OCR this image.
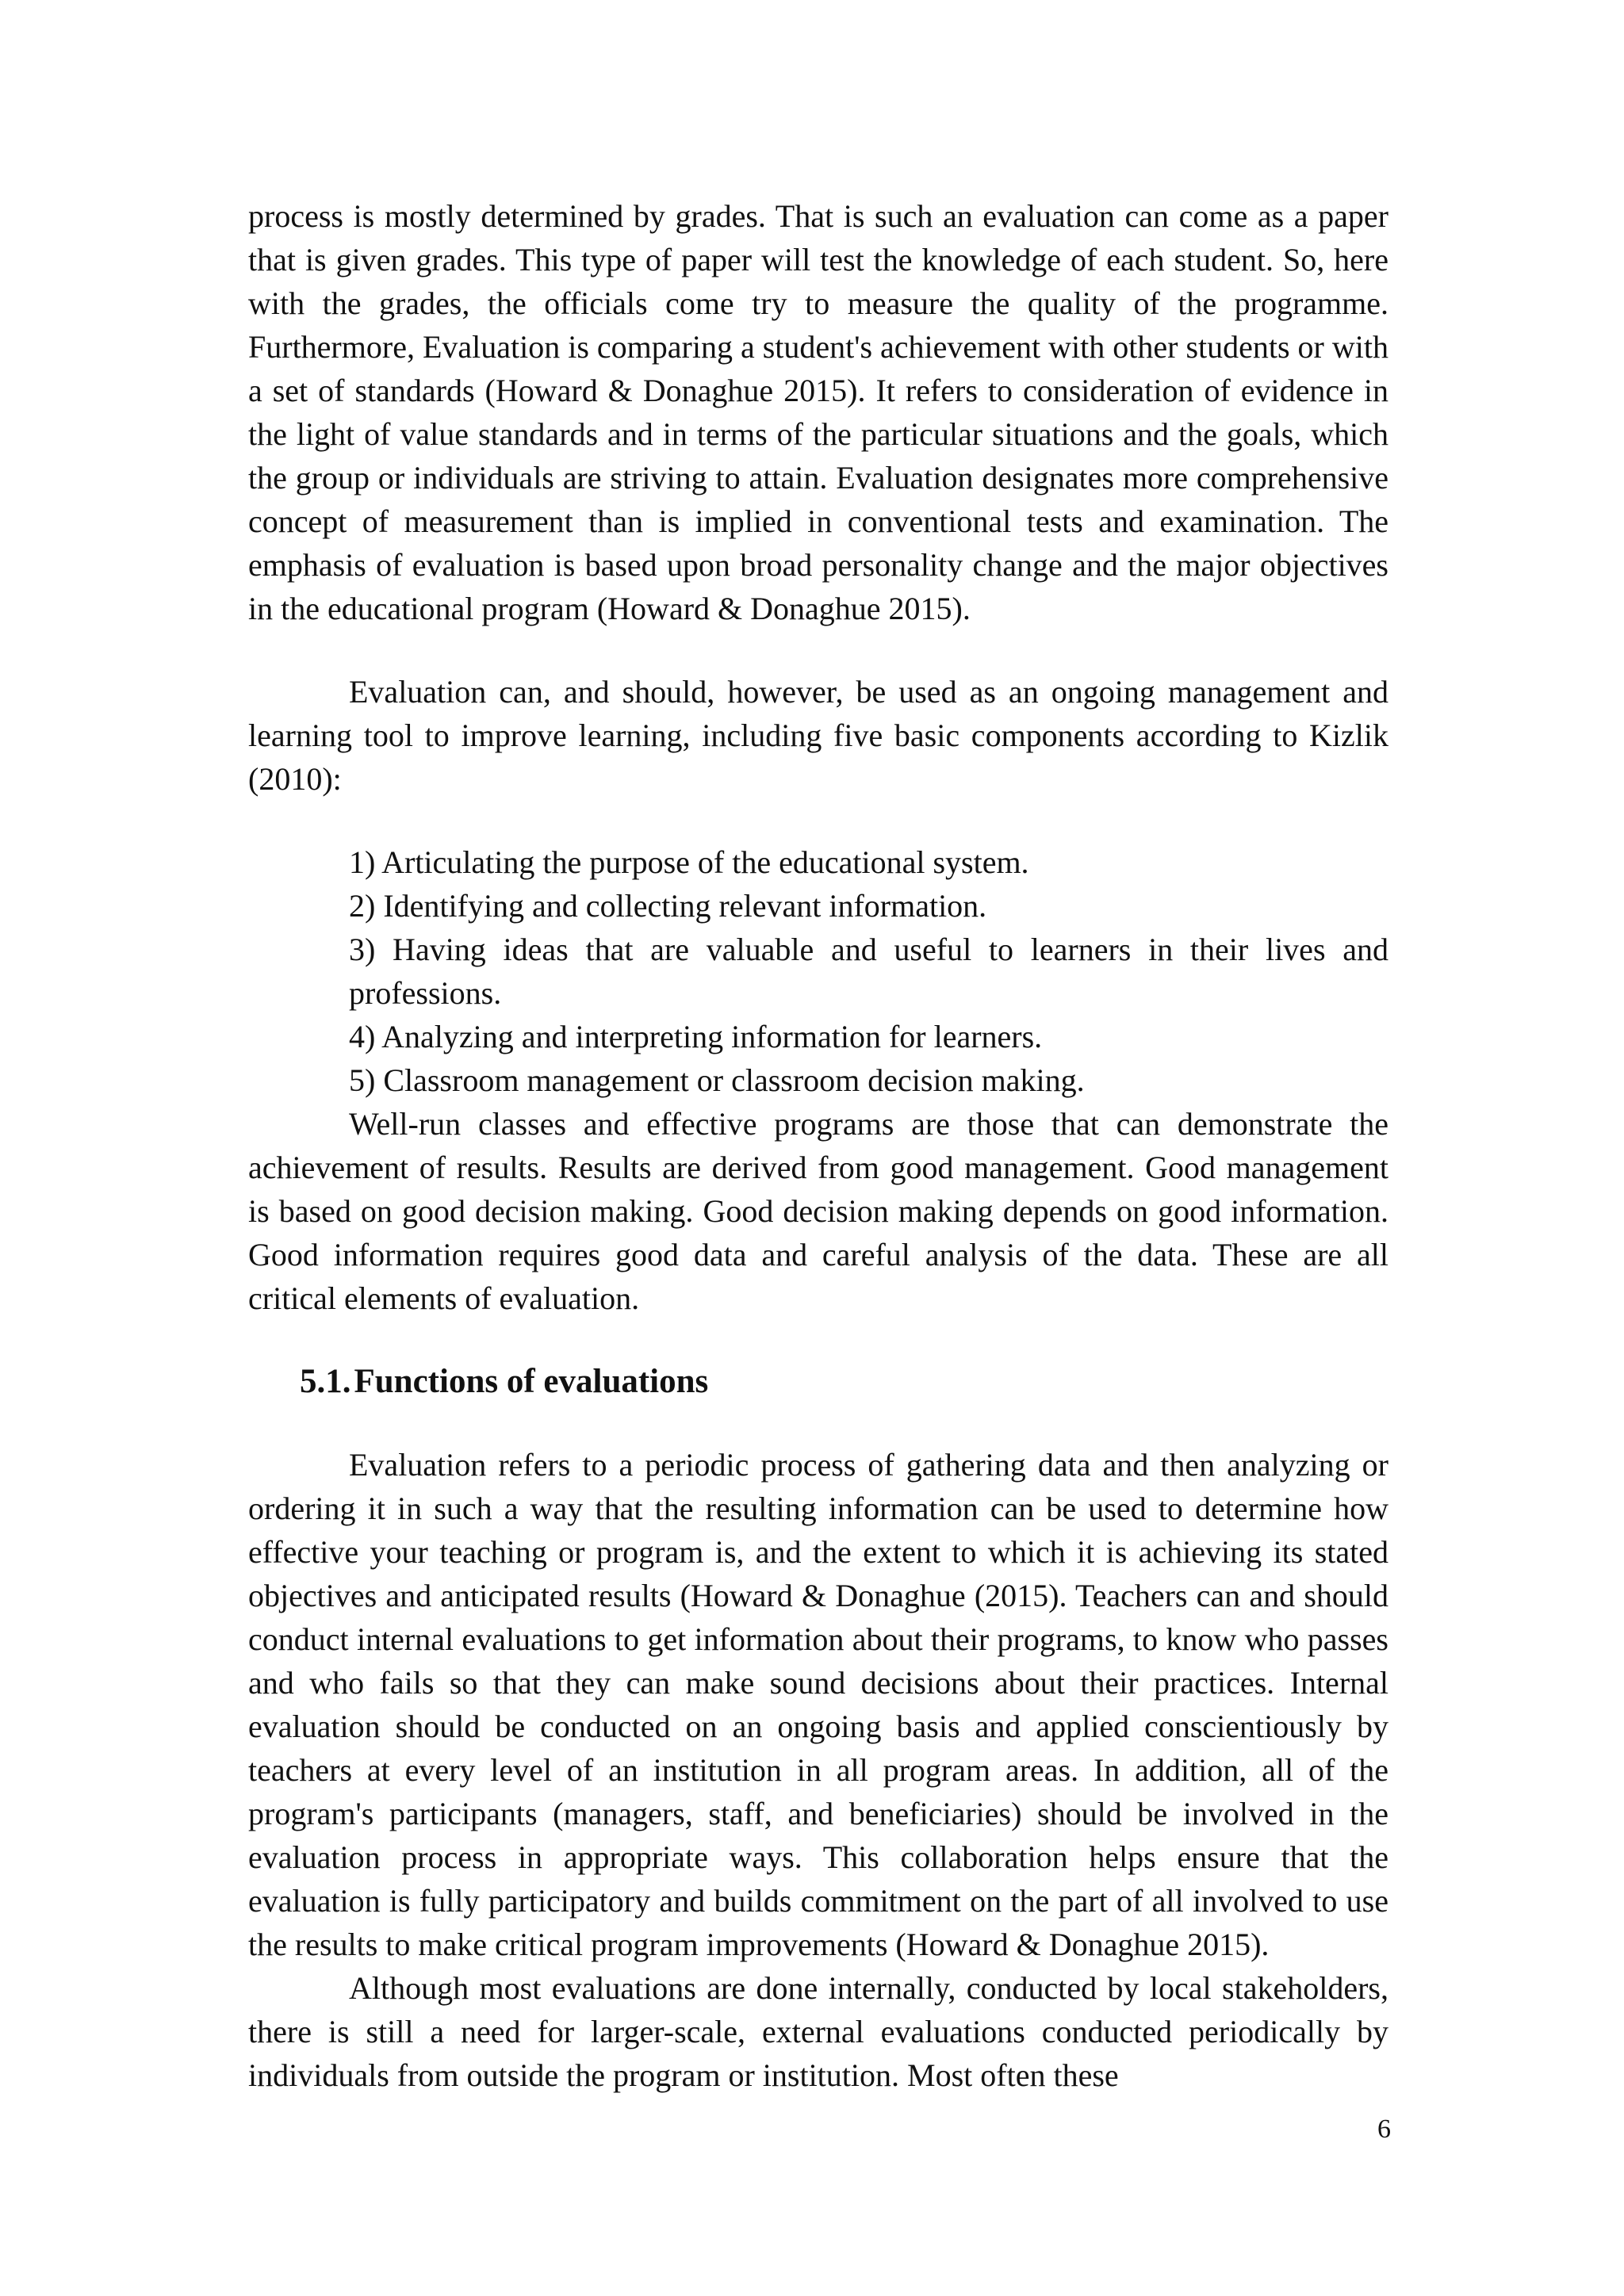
process is mostly determined by grades. That is such an evaluation can come as a paper that is given grades. This type of paper will test the knowledge of each student. So, here with the grades, the officials come try to measure the quality of the programme. Furthermore, Evaluation is comparing a student's achievement with other students or with a set of standards (Howard & Donaghue 2015). It refers to consideration of evidence in the light of value standards and in terms of the particular situations and the goals, which the group or individuals are striving to attain. Evaluation designates more comprehensive concept of measurement than is implied in conventional tests and examination. The emphasis of evaluation is based upon broad personality change and the major objectives in the educational program (Howard & Donaghue 2015).

Evaluation can, and should, however, be used as an ongoing management and learning tool to improve learning, including five basic components according to Kizlik (2010):

1) Articulating the purpose of the educational system.
2) Identifying and collecting relevant information.
3) Having ideas that are valuable and useful to learners in their lives and professions.
4) Analyzing and interpreting information for learners.
5) Classroom management or classroom decision making.

Well-run classes and effective programs are those that can demonstrate the achievement of results. Results are derived from good management. Good management is based on good decision making. Good decision making depends on good information. Good information requires good data and careful analysis of the data. These are all critical elements of evaluation.

5.1.Functions of evaluations

Evaluation refers to a periodic process of gathering data and then analyzing or ordering it in such a way that the resulting information can be used to determine how effective your teaching or program is, and the extent to which it is achieving its stated objectives and anticipated results (Howard & Donaghue (2015). Teachers can and should conduct internal evaluations to get information about their programs, to know who passes and who fails so that they can make sound decisions about their practices. Internal evaluation should be conducted on an ongoing basis and applied conscientiously by teachers at every level of an institution in all program areas. In addition, all of the program's participants (managers, staff, and beneficiaries) should be involved in the evaluation process in appropriate ways. This collaboration helps ensure that the evaluation is fully participatory and builds commitment on the part of all involved to use the results to make critical program improvements (Howard & Donaghue 2015).

Although most evaluations are done internally, conducted by local stakeholders, there is still a need for larger-scale, external evaluations conducted periodically by individuals from outside the program or institution. Most often these

6
